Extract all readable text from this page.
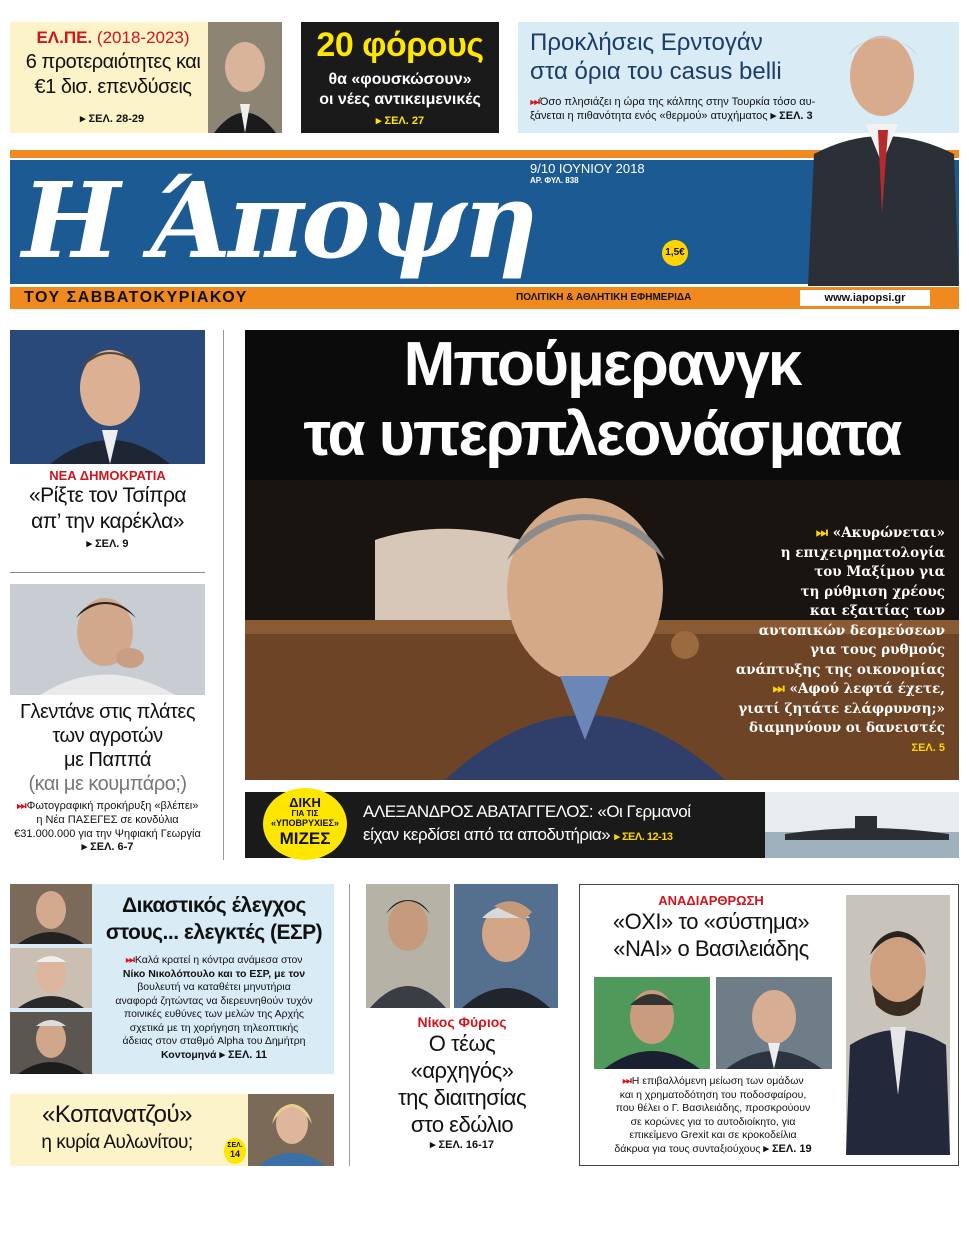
ΕΛ.ΠΕ. (2018-2023)
6 προτεραιότητες και
€1 δισ. επενδύσεις
▸ ΣΕΛ. 28-29
20 φόρους
θα «φουσκώσουν»
οι νέες αντικειμενικές
▸ ΣΕΛ. 27
Προκλήσεις Ερντογάν
στα όρια του casus belli
⏭Όσο πλησιάζει η ώρα της κάλπης στην Τουρκία τόσο αυ-
ξάνεται η πιθανότητα ενός «θερμού» ατυχήματος ▸ ΣΕΛ. 3
Η Άποψη
9/10 ΙΟΥΝΙΟΥ 2018
ΑΡ. ΦΥΛ. 838
1,5€
ΤΟΥ ΣΑΒΒΑΤΟΚΥΡΙΑΚΟΥ	ΠΟΛΙΤΙΚΗ & ΑΘΛΗΤΙΚΗ ΕΦΗΜΕΡΙΔΑ	www.iapopsi.gr
ΝΕΑ ΔΗΜΟΚΡΑΤΙΑ
«Ρίξτε τον Τσίπρα
απ’ την καρέκλα»
▸ ΣΕΛ. 9
Γλεντάνε στις πλάτες
των αγροτών
με Παππά
(και με κουμπάρο;)
⏭Φωτογραφική προκήρυξη «βλέπει»
η Νέα ΠΑΣΕΓΕΣ σε κονδύλια
€31.000.000 για την Ψηφιακή Γεωργία
▸ ΣΕΛ. 6-7
Μπούμερανγκ
τα υπερπλεονάσματα
⏭ «Ακυρώνεται»
η επιχειρηματολογία
του Μαξίμου για
τη ρύθμιση χρέους
και εξαιτίας των
αυτοπικών δεσμεύσεων
για τους ρυθμούς
ανάπτυξης της οικονομίας
⏭ «Αφού λεφτά έχετε,
γιατί ζητάτε ελάφρυνση;»
διαμηνύουν οι δανειστές
ΣΕΛ. 5
ΔΙΚΗ
ΓΙΑ ΤΙΣ
«ΥΠΟΒΡΥΧΙΕΣ»
ΜΙΖΕΣ
ΑΛΕΞΑΝΔΡΟΣ ΑΒΑΤΑΓΓΕΛΟΣ: «Οι Γερμανοί
είχαν κερδίσει από τα αποδυτήρια» ▸ ΣΕΛ. 12-13
Δικαστικός έλεγχος
στους... ελεγκτές (ΕΣΡ)
⏭Καλά κρατεί η κόντρα ανάμεσα στον
Νίκο Νικολόπουλο και το ΕΣΡ, με τον
βουλευτή να καταθέτει μηνυτήρια
αναφορά ζητώντας να διερευνηθούν τυχόν
ποινικές ευθύνες των μελών της Αρχής
σχετικά με τη χορήγηση τηλεοπτικής
άδειας στον σταθμό Alpha του Δημήτρη
Κοντομηνά ▸ ΣΕΛ. 11
«Κοπανατζού»
η κυρία Αυλωνίτου;	ΣΕΛ.
14
Νίκος Φύριος
Ο τέως
«αρχηγός»
της διαιτησίας
στο εδώλιο
▸ ΣΕΛ. 16-17
ΑΝΑΔΙΑΡΘΡΩΣΗ
«ΟΧΙ» το «σύστημα»
«ΝΑΙ» ο Βασιλειάδης
⏭Η επιβαλλόμενη μείωση των ομάδων
και η χρηματοδότηση του ποδοσφαίρου,
που θέλει ο Γ. Βασιλειάδης, προσκρούουν
σε κορώνες για το αυτοδιοίκητο, για
επικείμενο Grexit και σε κροκοδείλια
δάκρυα για τους συνταξιούχους ▸ ΣΕΛ. 19
